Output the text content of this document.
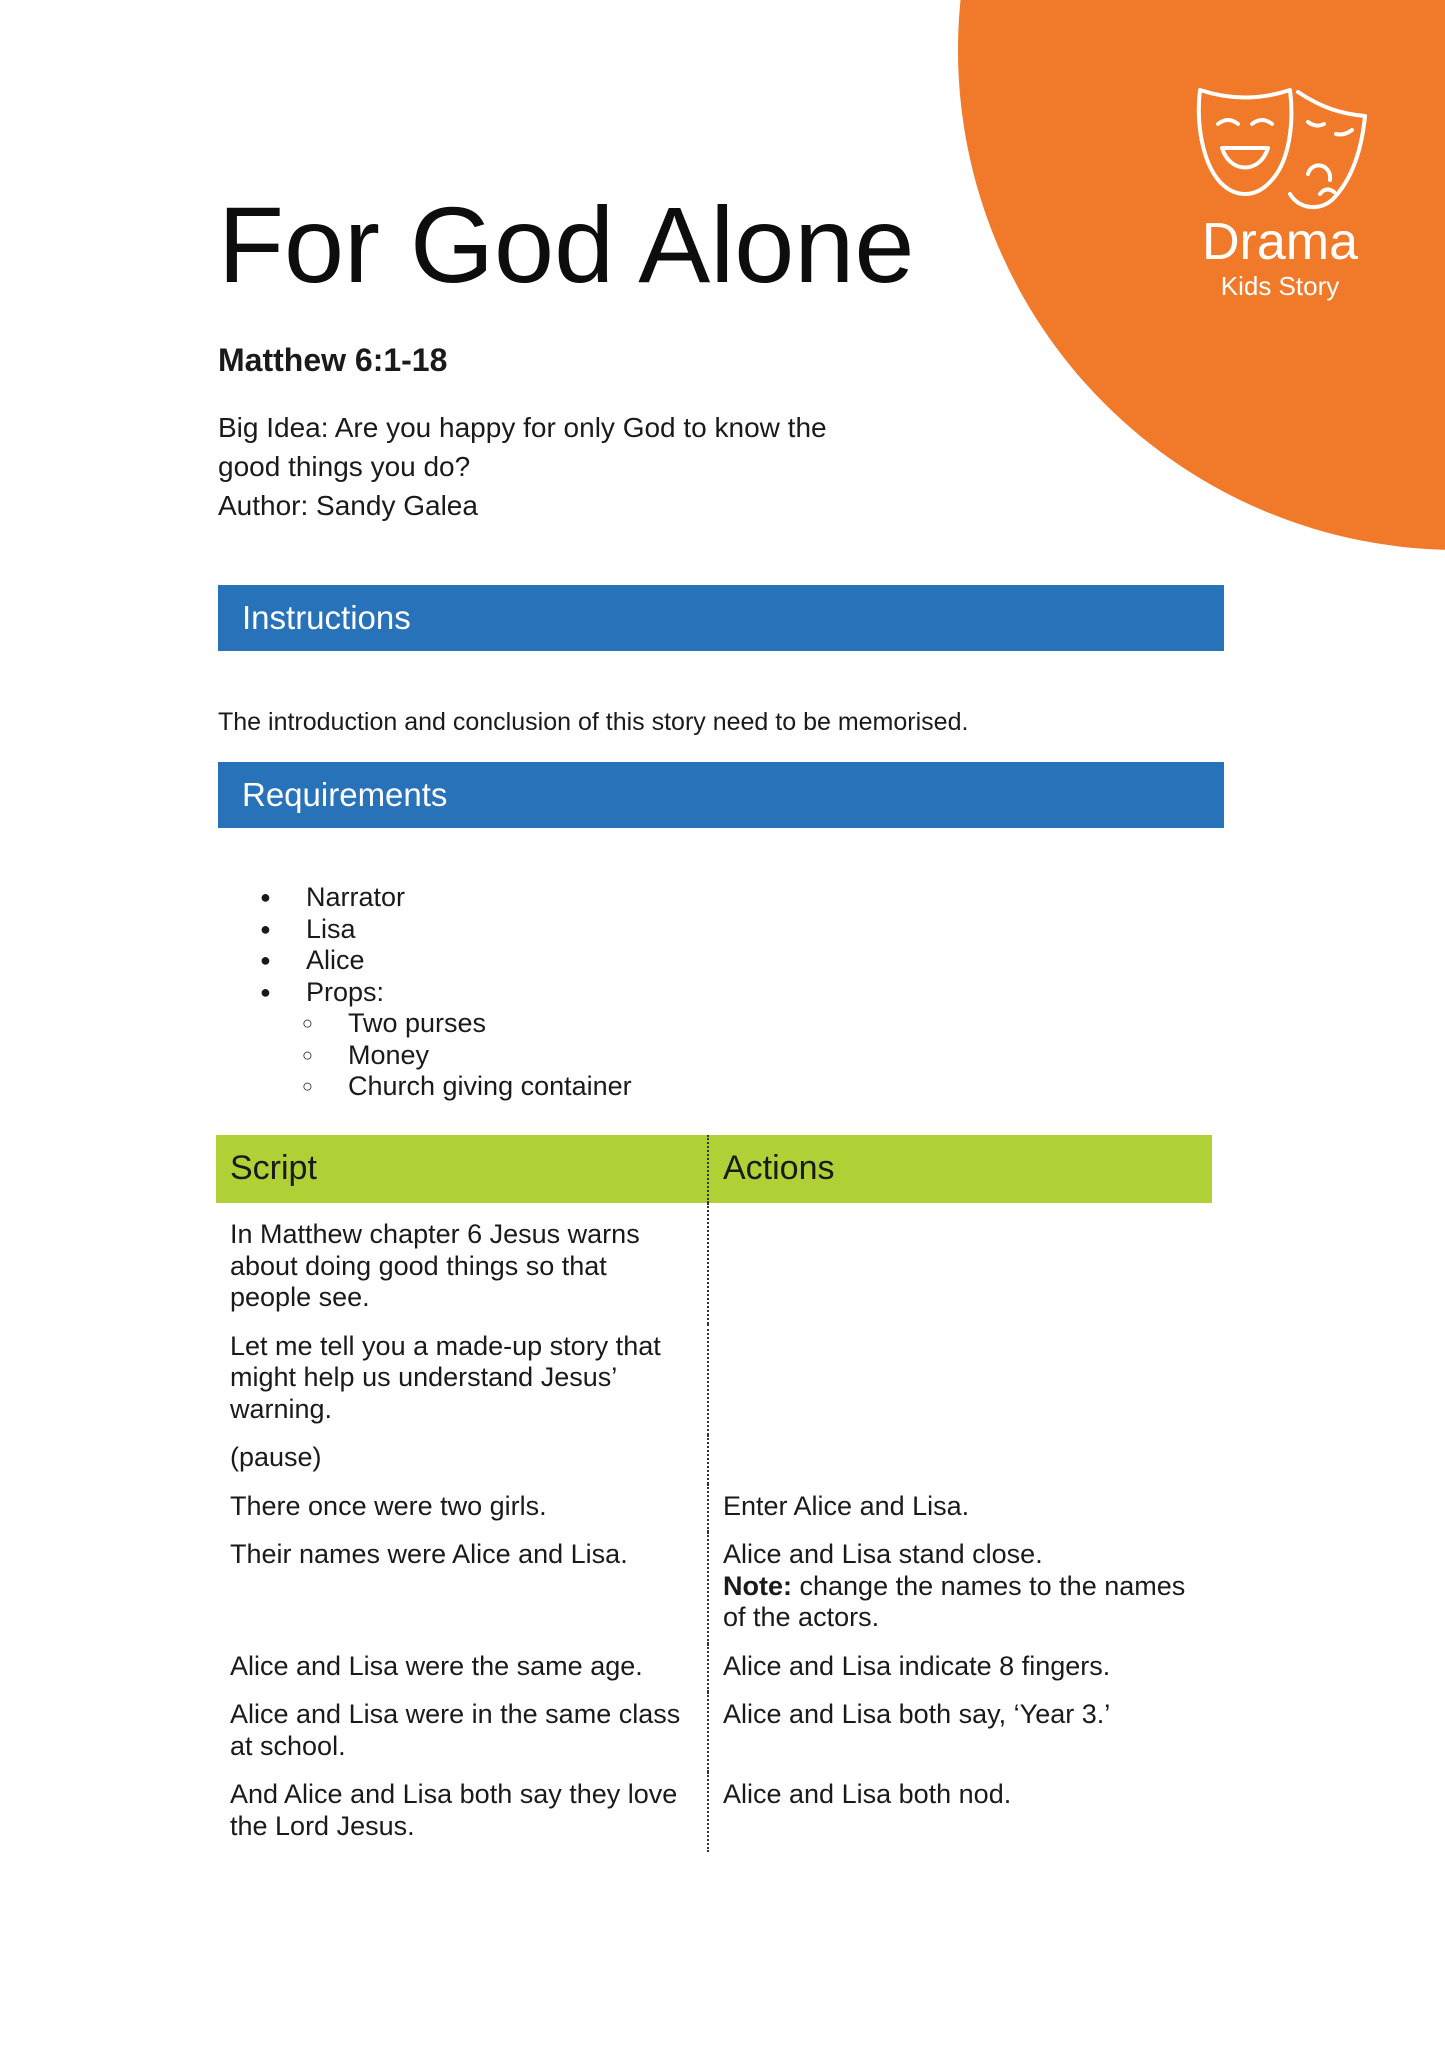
Drama
Kids Story
For God Alone

Matthew 6:1-18

Big Idea: Are you happy for only God to know the
good things you do?
Author: Sandy Galea
Instructions

The introduction and conclusion of this story need to be memorised.

Requirements
● Narrator
● Lisa
● Alice
● Props:
○ Two purses
○ Money
○ Church giving container
Script	Actions
In Matthew chapter 6 Jesus warns about doing good things so that people see.	
Let me tell you a made-up story that might help us understand Jesus’ warning.	
(pause)	
There once were two girls.	Enter Alice and Lisa.
Their names were Alice and Lisa.	Alice and Lisa stand close.
Note: change the names to the names of the actors.
Alice and Lisa were the same age.	Alice and Lisa indicate 8 fingers.
Alice and Lisa were in the same class at school.	Alice and Lisa both say, ‘Year 3.’
And Alice and Lisa both say they love the Lord Jesus.	Alice and Lisa both nod.
